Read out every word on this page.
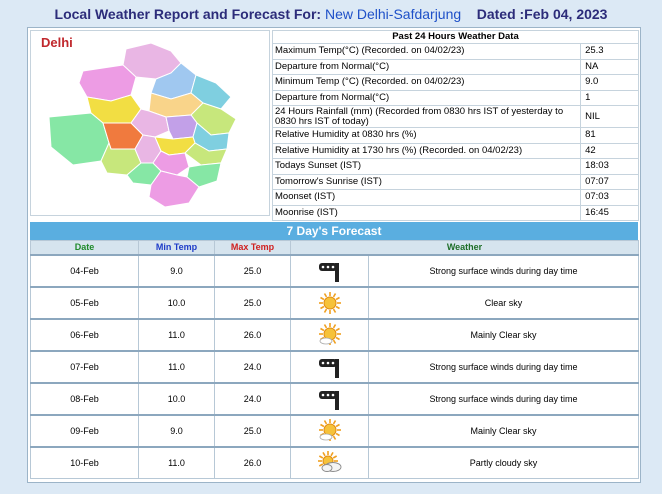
Local Weather Report and Forecast For: New Delhi-Safdarjung Dated :Feb 04, 2023
Delhi	Past 24 Hours Weather Data	
Maximum Temp(°C) (Recorded. on 04/02/23)	25.3
Departure from Normal(°C)	NA
Minimum Temp (°C) (Recorded. on 04/02/23)	9.0
Departure from Normal(°C)	1
24 Hours Rainfall (mm) (Recorded from 0830 hrs IST of yesterday to 0830 hrs IST of today)	NIL
Relative Humidity at 0830 hrs (%)	81
Relative Humidity at 1730 hrs (%) (Recorded. on 04/02/23)	42
Todays Sunset (IST)	18:03
Tomorrow's Sunrise (IST)	07:07
Moonset (IST)	07:03
Moonrise (IST)	16:45
7 Day's Forecast
Date	Min Temp	Max Temp	Weather	
04-Feb	9.0	25.0		Strong surface winds during day time
05-Feb	10.0	25.0		Clear sky
06-Feb	11.0	26.0		Mainly Clear sky
07-Feb	11.0	24.0		Strong surface winds during day time
08-Feb	10.0	24.0		Strong surface winds during day time
09-Feb	9.0	25.0		Mainly Clear sky
10-Feb	11.0	26.0		Partly cloudy sky
